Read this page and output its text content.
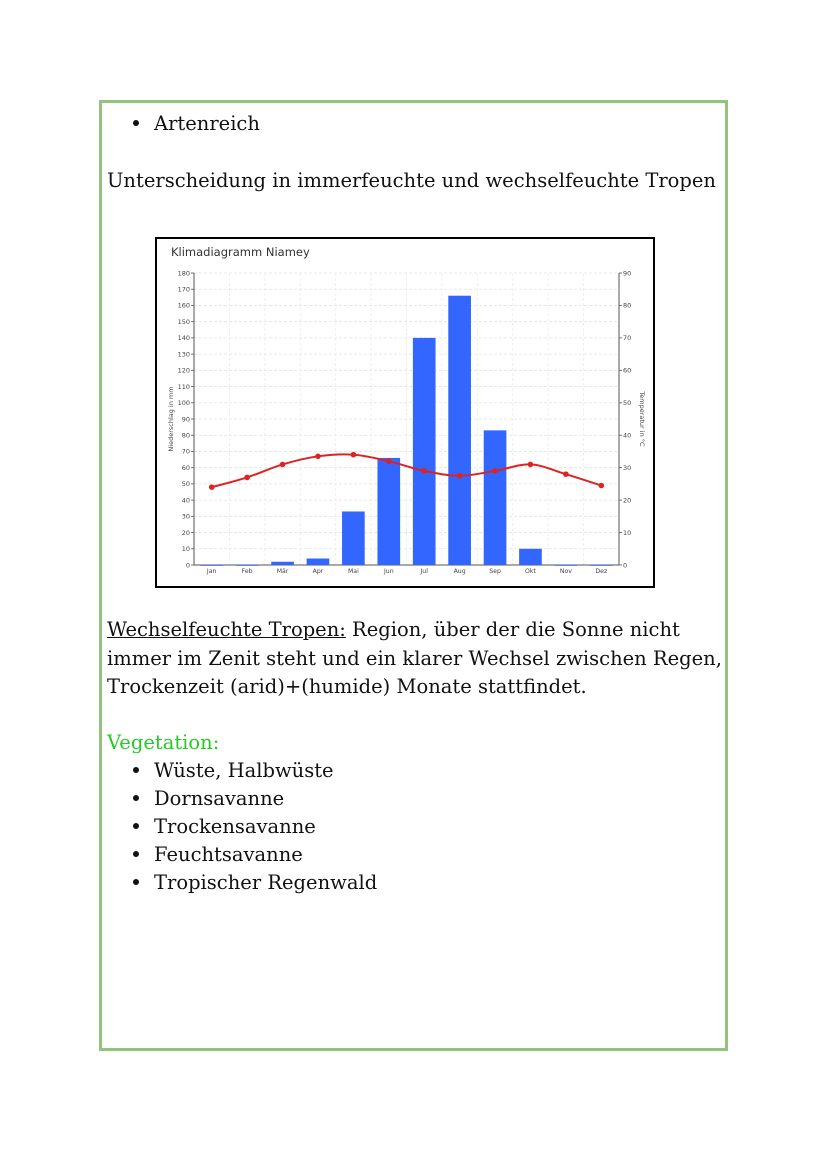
Artenreich
Unterscheidung in immerfeuchte und wechselfeuchte Tropen
Klimadiagramm Niamey
0
10
20
30
40
50
60
70
80
90
100
110
120
130
140
150
160
170
180
0
10
20
30
40
50
60
70
80
90
Niederschlag in mm	Temperatur in °C
Jan	Feb	Mär	Apr	Mai	Jun	Jul	Aug	Sep	Okt	Nov	Dez
Wechselfeuchte Tropen: Region, über der die Sonne nicht
immer im Zenit steht und ein klarer Wechsel zwischen Regen,
Trockenzeit (arid)+(humide) Monate stattfindet.
Vegetation:
Wüste, Halbwüste
Dornsavanne
Trockensavanne
Feuchtsavanne
Tropischer Regenwald
